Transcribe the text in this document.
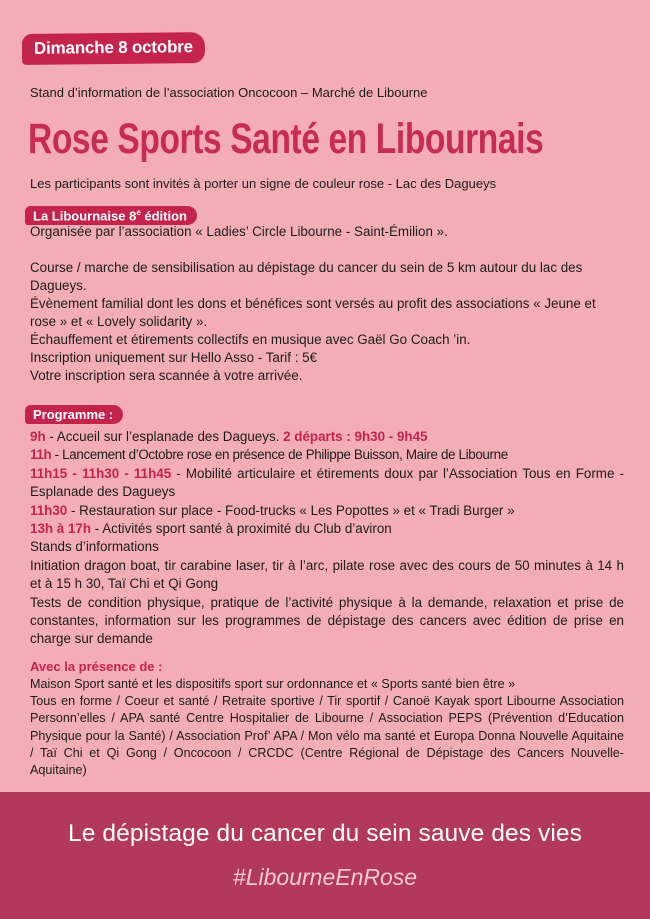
Dimanche 8 octobre
Stand d’information de l’association Oncocoon – Marché de Libourne
Rose Sports Santé en Libournais
Les participants sont invités à porter un signe de couleur rose - Lac des Dagueys
La Libournaise 8e édition

Organisée par l’association « Ladies’ Circle Libourne - Saint-Émilion ».

Course / marche de sensibilisation au dépistage du cancer du sein de 5 km autour du lac des Dagueys.

Évènement familial dont les dons et bénéfices sont versés au profit des associations « Jeune et rose » et « Lovely solidarity ».

Échauffement et étirements collectifs en musique avec Gaël Go Coach ’in.

Inscription uniquement sur Hello Asso - Tarif : 5€

Votre inscription sera scannée à votre arrivée.

Programme :

9h - Accueil sur l’esplanade des Dagueys. 2 départs : 9h30 - 9h45

11h - Lancement d’Octobre rose en présence de Philippe Buisson, Maire de Libourne

11h15 - 11h30 - 11h45 - Mobilité articulaire et étirements doux par l’Association Tous en Forme - Esplanade des Dagueys

11h30 - Restauration sur place - Food-trucks « Les Popottes » et « Tradi Burger »

13h à 17h - Activités sport santé à proximité du Club d’aviron

Stands d’informations

Initiation dragon boat, tir carabine laser, tir à l’arc, pilate rose avec des cours de 50 minutes à 14 h et à 15 h 30, Taï Chi et Qi Gong

Tests de condition physique, pratique de l’activité physique à la demande, relaxation et prise de constantes, information sur les programmes de dépistage des cancers avec édition de prise en charge sur demande

Avec la présence de :

Maison Sport santé et les dispositifs sport sur ordonnance et « Sports santé bien être »

Tous en forme / Coeur et santé / Retraite sportive / Tir sportif / Canoë Kayak sport Libourne Association Personn’elles / APA santé Centre Hospitalier de Libourne / Association PEPS (Prévention d’Education Physique pour la Santé) / Association Prof’ APA / Mon vélo ma santé et Europa Donna Nouvelle Aquitaine / Taï Chi et Qi Gong / Oncocoon / CRCDC (Centre Régional de Dépistage des Cancers Nouvelle-Aquitaine)

Le dépistage du cancer du sein sauve des vies
#LibourneEnRose
